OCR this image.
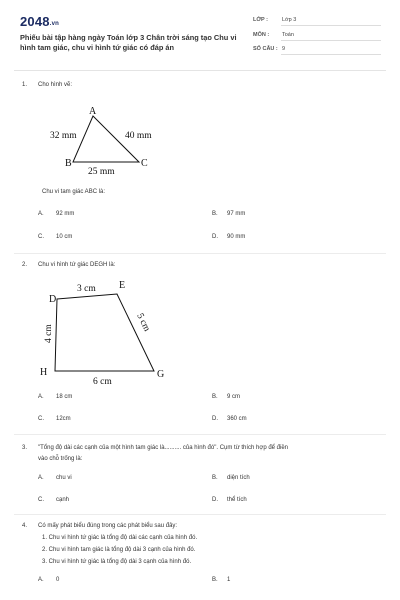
$2048_{.vn}$
Phiếu bài tập hàng ngày Toán lớp 3 Chân trời sáng tạo Chu vi hình tam giác, chu vi hình tứ giác có đáp án
LỚP :	Lớp 3
MÔN : Toán
SỐ CÂU : 9
1. Cho hình vẽ:
A
B	C
32 mm	40 mm
25 mm
Chu vi tam giác ABC là:
A. 92 mm	B. 97 mm
C. 10 cm	D. 90 mm
2. Chu vi hình tứ giác DEGH là:
D
E
G
H
3 cm
5 cm
4 cm
6 cm
A. 18 cm	B. 9 cm
C. 12cm	D. 360 cm
3. "Tổng độ dài các cạnh của một hình tam giác là.......... của hình đó". Cụm từ thích hợp để điền
vào chỗ trống là:
A. chu vi	B. diện tích
C. cạnh	D. thể tích
4. Có mấy phát biểu đúng trong các phát biểu sau đây:
1. Chu vi hình tứ giác là tổng độ dài các cạnh của hình đó.
2. Chu vi hình tam giác là tổng độ dài 3 cạnh của hình đó.
3. Chu vi hình tứ giác là tổng độ dài 3 cạnh của hình đó.
A. 0	B. 1
